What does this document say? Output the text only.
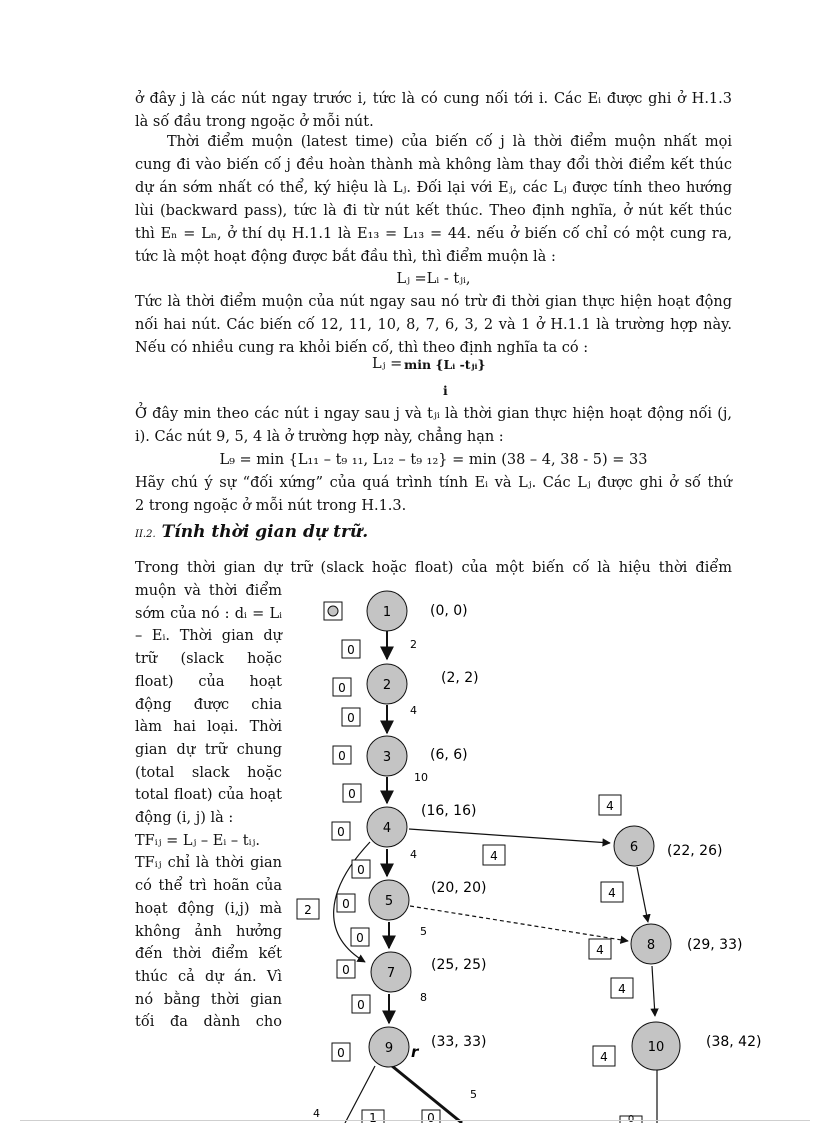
ở đây j là các nút ngay trước i, tức là có cung nối tới i. Các Eᵢ được ghi ở H.1.3
là số đầu trong ngoặc ở mỗi nút.
Thời điểm muộn (latest time) của biến cố j là thời điểm muộn nhất mọi
cung đi vào biến cố j đều hoàn thành mà không làm thay đổi thời điểm kết thúc
dự án sớm nhất có thể, ký hiệu là Lⱼ. Đối lại với Eⱼ, các Lⱼ được tính theo hướng
lùi (backward pass), tức là đi từ nút kết thúc. Theo định nghĩa, ở nút kết thúc
thì Eₙ = Lₙ, ở thí dụ H.1.1 là E₁₃ = L₁₃ = 44. nếu ở biến cố chỉ có một cung ra,
tức là một hoạt động được bắt đầu thì, thì điểm muộn là :
Lⱼ =Lᵢ - tⱼᵢ,
Tức là thời điểm muộn của nút ngay sau nó trừ đi thời gian thực hiện hoạt động
nối hai nút. Các biến cố 12, 11, 10, 8, 7, 6, 3, 2 và 1 ở H.1.1 là trường hợp này.
Nếu có nhiều cung ra khỏi biến cố, thì theo định nghĩa ta có :
Lⱼ = min {Lᵢ -tⱼᵢ}
i
Ở đây min theo các nút i ngay sau j và tⱼᵢ là thời gian thực hiện hoạt động nối (j,
i). Các nút 9, 5, 4 là ở trường hợp này, chẳng hạn :
L₉ = min {L₁₁ – t₉ ₁₁, L₁₂ – t₉ ₁₂} = min (38 – 4, 38 - 5) = 33
Hãy chú ý sự “đối xứng” của quá trình tính Eᵢ và Lⱼ. Các Lⱼ được ghi ở số thứ
2 trong ngoặc ở mỗi nút trong H.1.3.
II.2. Tính thời gian dự trữ.
Trong thời gian dự trữ (slack hoặc float) của một biến cố là hiệu thời điểm
muộn và thời điểm
sớm của nó : dᵢ = Lᵢ
– Eᵢ. Thời gian dự
trữ (slack hoặc
float) của hoạt
động được chia
làm hai loại. Thời
gian dự trữ chung
(total slack hoặc
total float) của hoạt
động (i, j) là :
TFᵢⱼ = Lⱼ – Eᵢ – tᵢⱼ.
TFᵢⱼ chỉ là thời gian
có thể trì hoãn của
hoạt động (i,j) mà
không ảnh hưởng
đến thời điểm kết
thúc cả dự án. Vì
nó bằng thời gian
tối đa dành cho
1
2
3
4
5
6
7
8
9	10
(0, 0)
(2, 2)
(6, 6)
(16, 16)
(20, 20)
(22, 26)
(25, 25)
(29, 33)
(33, 33)	(38, 42)
r
2
4
10
4
5
8
5
4
0
0
0
0
0
0
0
0
0
0
0
0
0
2
4
4
4
4
4
4
1	0
